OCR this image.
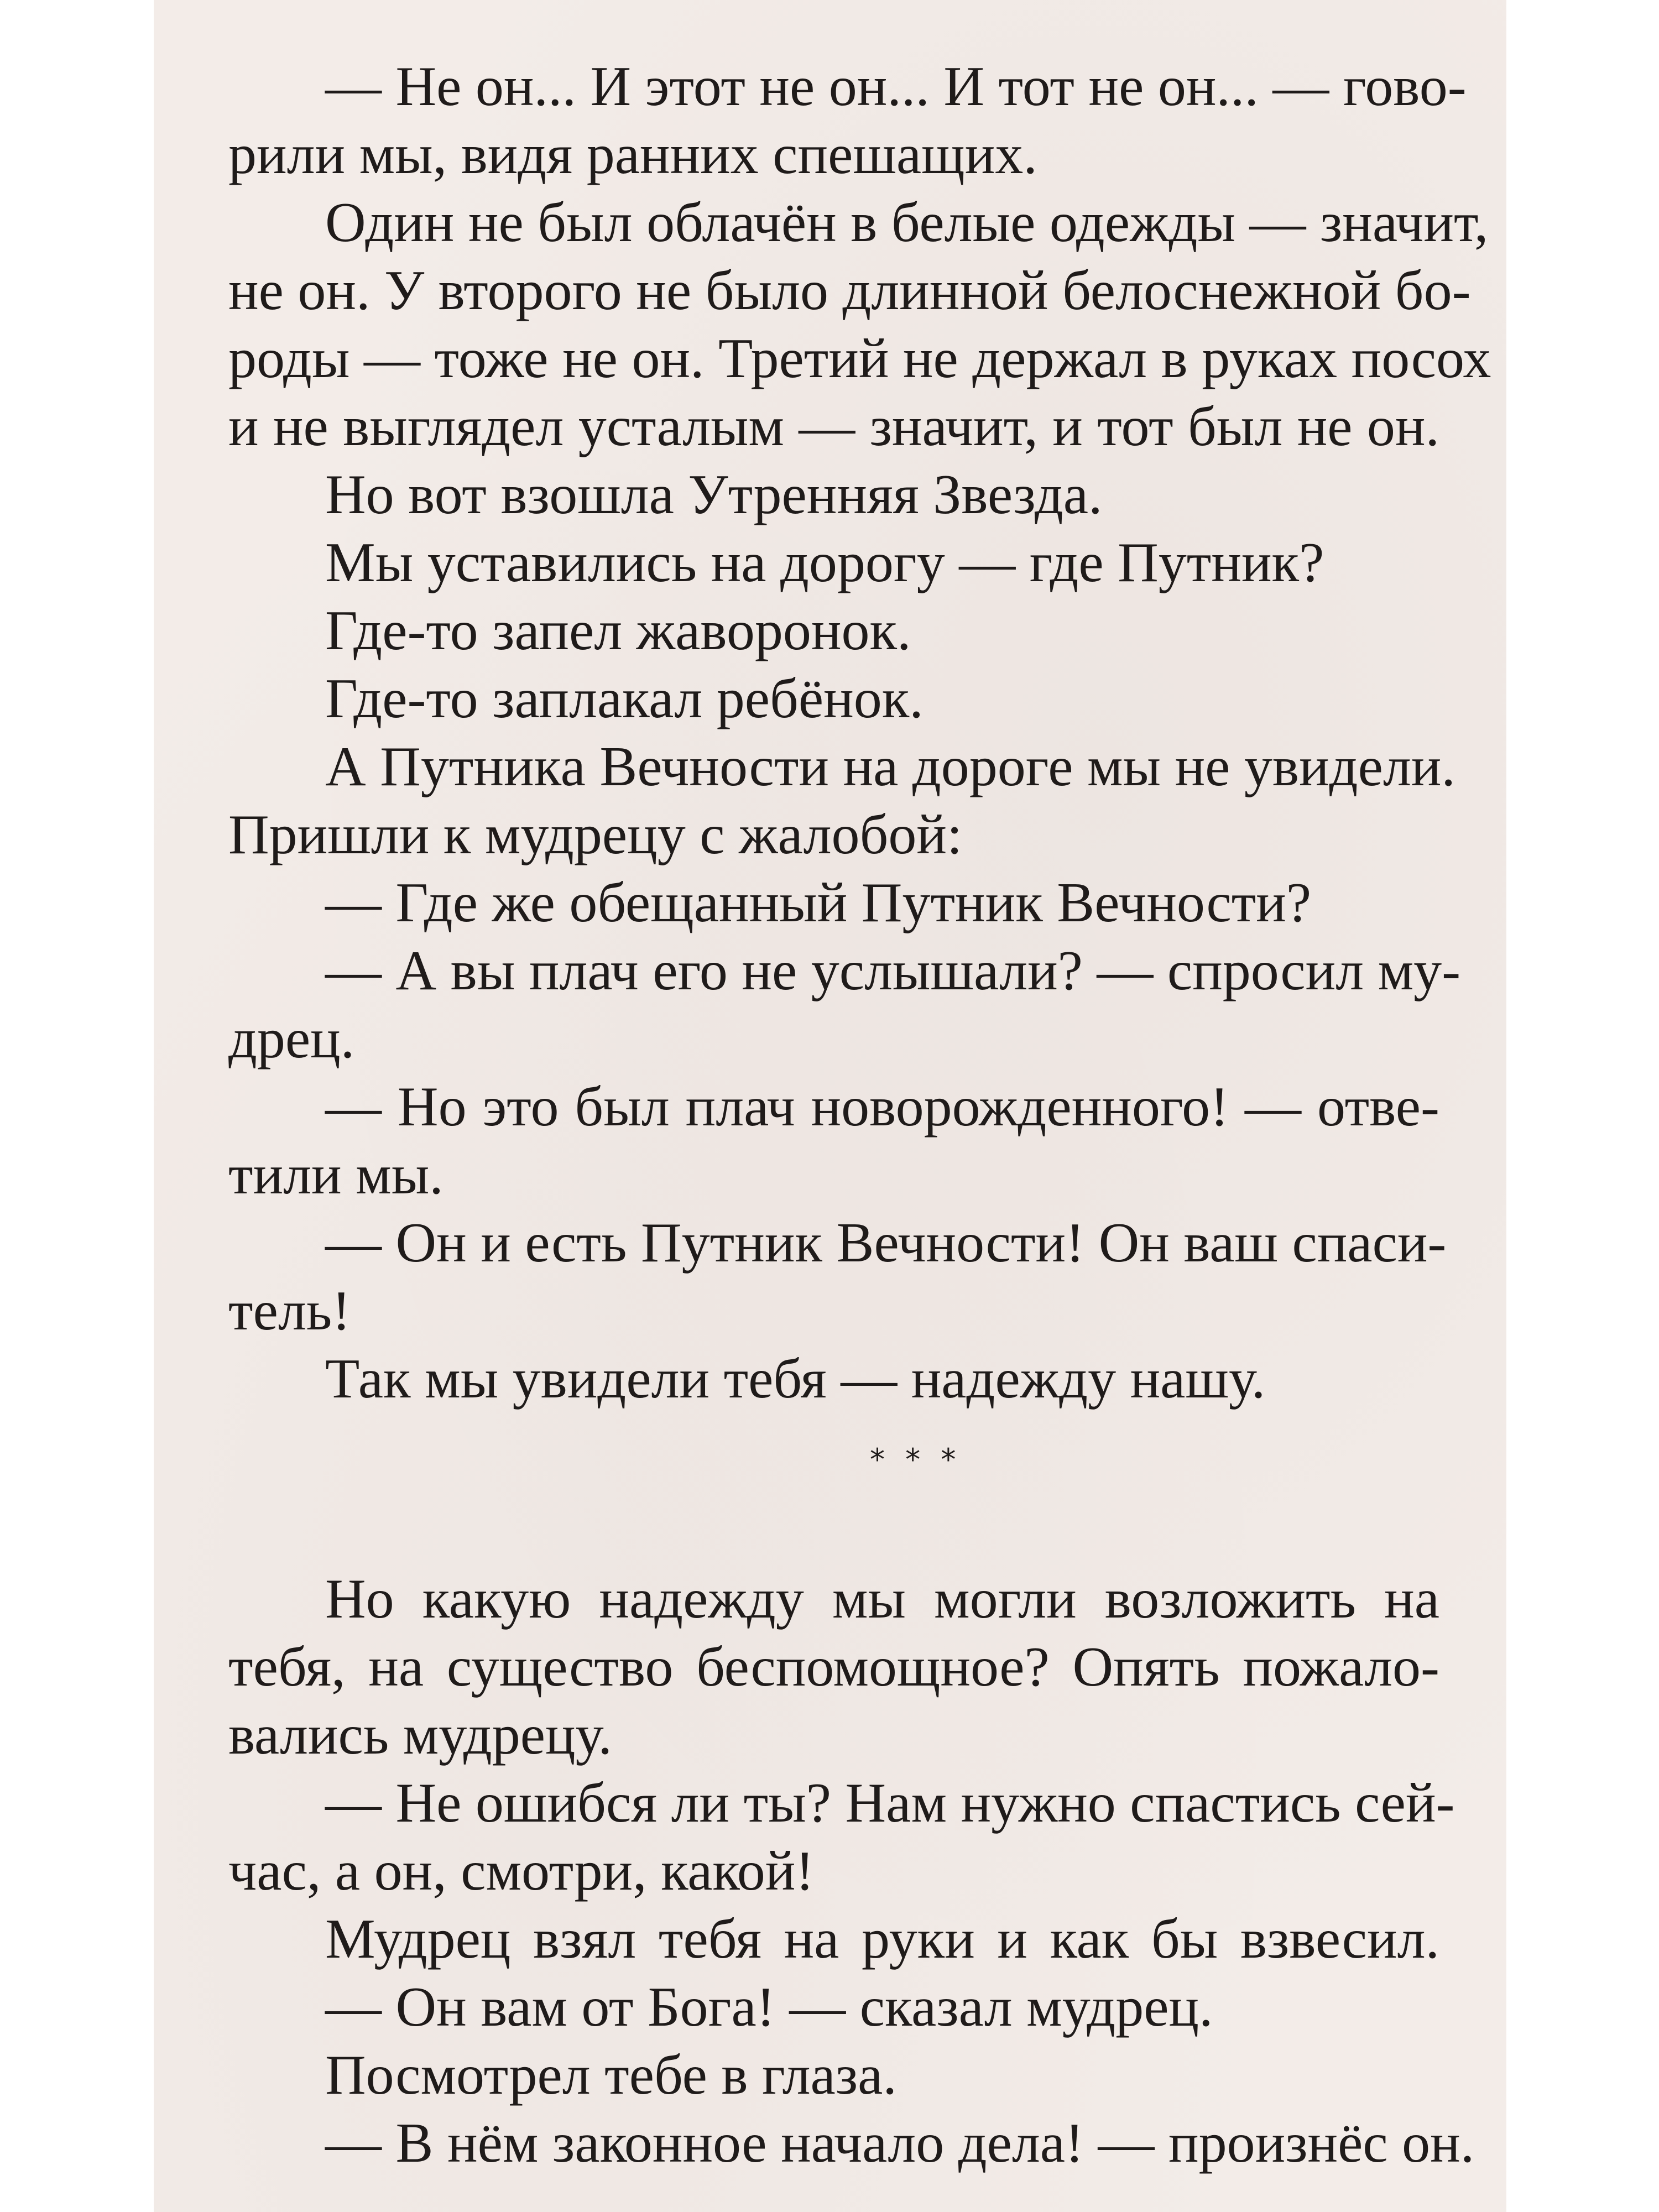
— Не он... И этот не он... И тот не он... — гово-
рили мы, видя ранних спешащих.
Один не был облачён в белые одежды — значит,
не он. У второго не было длинной белоснежной бо-
роды — тоже не он. Третий не держал в руках посох
и не выглядел усталым — значит, и тот был не он.
Но вот взошла Утренняя Звезда.
Мы уставились на дорогу — где Путник?
Где-то запел жаворонок.
Где-то заплакал ребёнок.
А Путника Вечности на дороге мы не увидели.
Пришли к мудрецу с жалобой:
— Где же обещанный Путник Вечности?
— А вы плач его не услышали? — спросил му-
дрец.
— Но это был плач новорожденного! — отве-
тили мы.
— Он и есть Путник Вечности! Он ваш спаси-
тель!
Так мы увидели тебя — надежду нашу.
* * *
Но какую надежду мы могли возложить на
тебя, на существо беспомощное? Опять пожало-
вались мудрецу.
— Не ошибся ли ты? Нам нужно спастись сей-
час, а он, смотри, какой!
Мудрец взял тебя на руки и как бы взвесил.
— Он вам от Бога! — сказал мудрец.
Посмотрел тебе в глаза.
— В нём законное начало дела! — произнёс он.
